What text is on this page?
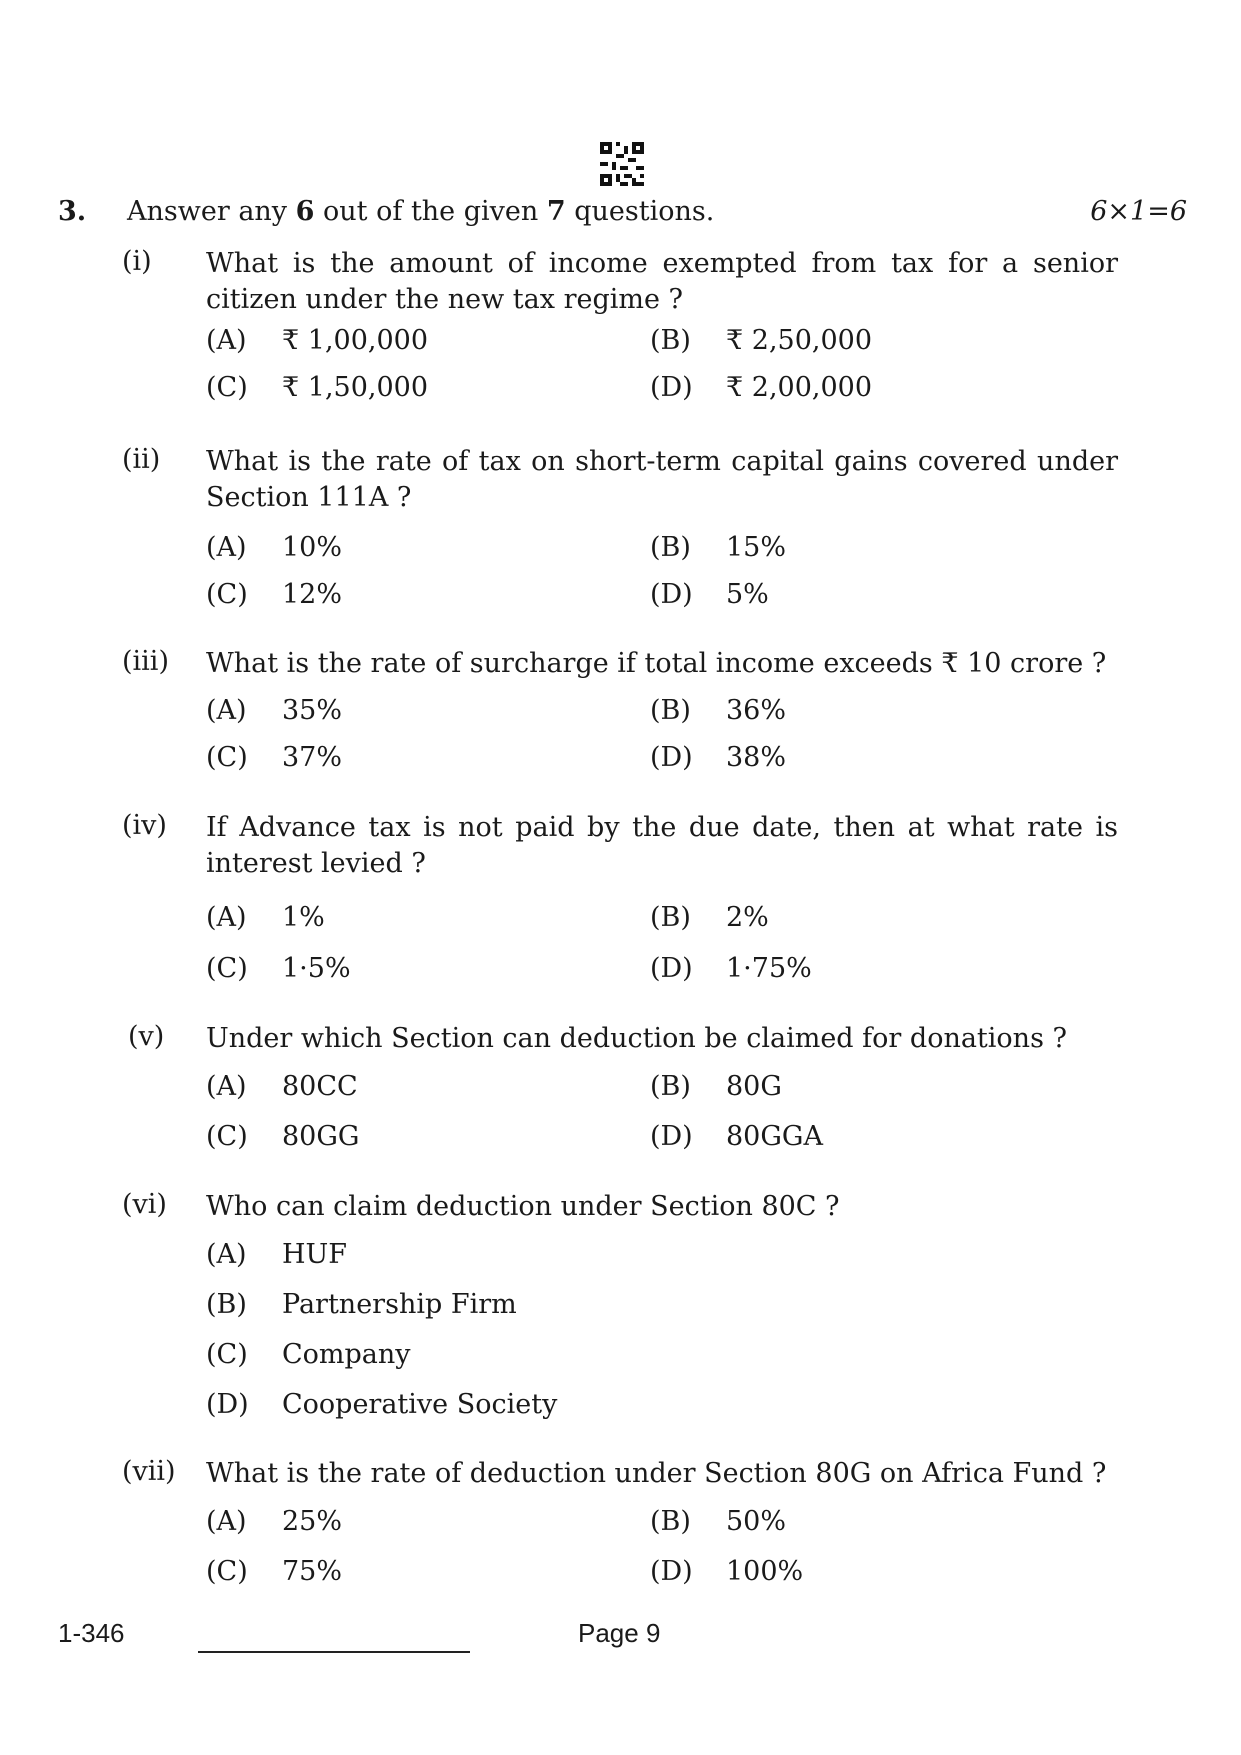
3. Answer any 6 out of the given 7 questions.	6×1=6
(i) What is the amount of income exempted from tax for a senior citizen under the new tax regime ?
(A) ₹ 1,00,000	(B) ₹ 2,50,000
(C) ₹ 1,50,000	(D) ₹ 2,00,000
(ii) What is the rate of tax on short-term capital gains covered under Section 111A ?
(A) 10%	(B) 15%
(C) 12%	(D) 5%
(iii) What is the rate of surcharge if total income exceeds ₹ 10 crore ?
(A) 35%	(B) 36%
(C) 37%	(D) 38%
(iv) If Advance tax is not paid by the due date, then at what rate is interest levied ?
(A) 1%	(B) 2%
(C) 1·5%	(D) 1·75%
(v) Under which Section can deduction be claimed for donations ?
(A) 80CC	(B) 80G
(C) 80GG	(D) 80GGA
(vi) Who can claim deduction under Section 80C ?
(A) HUF
(B) Partnership Firm
(C) Company
(D) Cooperative Society
(vii) What is the rate of deduction under Section 80G on Africa Fund ?
(A) 25%	(B) 50%
(C) 75%	(D) 100%
1-346	Page 9
